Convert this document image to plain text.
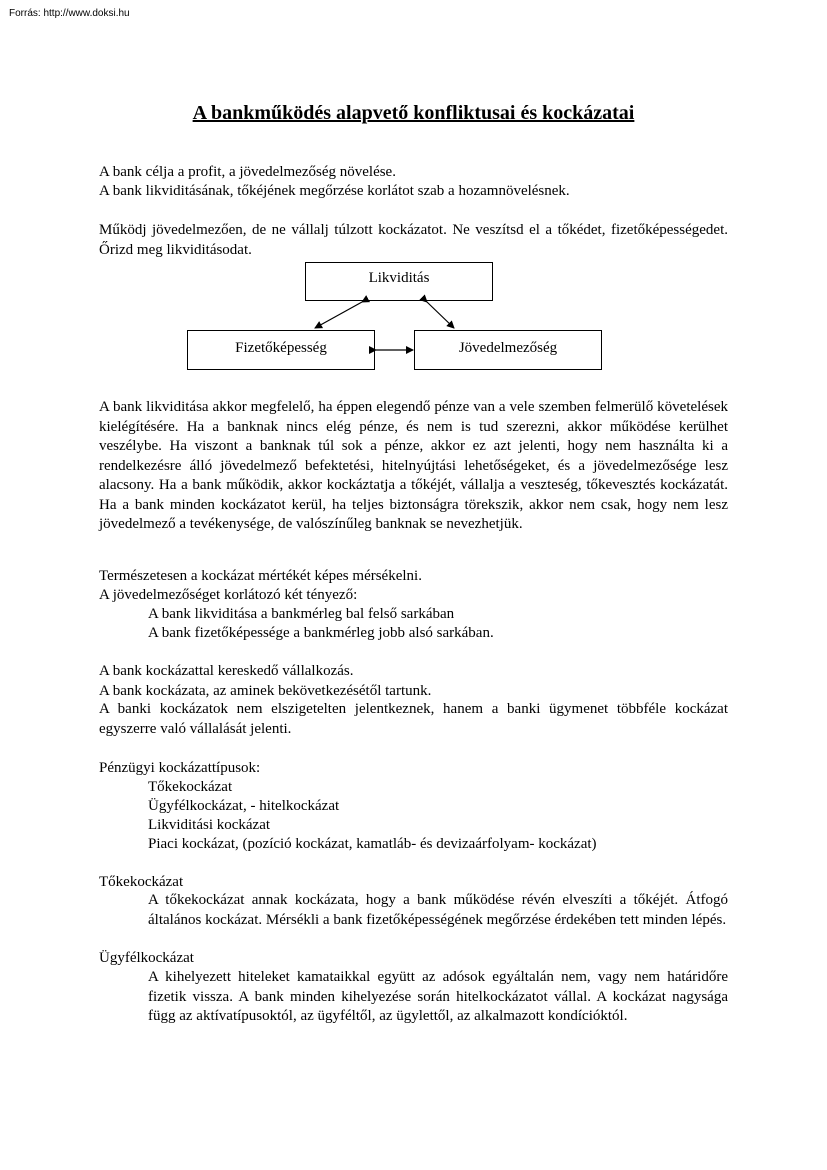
Forrás: http://www.doksi.hu
A bankműködés alapvető konfliktusai és kockázatai
A bank célja a profit, a jövedelmezőség növelése.
A bank likviditásának, tőkéjének megőrzése korlátot szab a hozamnövelésnek.
Működj jövedelmezően, de ne vállalj túlzott kockázatot. Ne veszítsd el a tőkédet, fizetőképességedet. Őrizd meg likviditásodat.
Likviditás
Fizetőképesség	Jövedelmezőség
A bank likviditása akkor megfelelő, ha éppen elegendő pénze van a vele szemben felmerülő követelések kielégítésére. Ha a banknak nincs elég pénze, és nem is tud szerezni, akkor működése kerülhet veszélybe. Ha viszont a banknak túl sok a pénze, akkor ez azt jelenti, hogy nem használta ki a rendelkezésre álló jövedelmező befektetési, hitelnyújtási lehetőségeket, és a jövedelmezősége lesz alacsony. Ha a bank működik, akkor kockáztatja a tőkéjét, vállalja a veszteség, tőkevesztés kockázatát. Ha a bank minden kockázatot kerül, ha teljes biztonságra törekszik, akkor nem csak, hogy nem lesz jövedelmező a tevékenysége, de valószínűleg banknak se nevezhetjük.
Természetesen a kockázat mértékét képes mérsékelni.
A jövedelmezőséget korlátozó két tényező:
A bank likviditása a bankmérleg bal felső sarkában
A bank fizetőképessége a bankmérleg jobb alsó sarkában.
A bank kockázattal kereskedő vállalkozás.
A bank kockázata, az aminek bekövetkezésétől tartunk.
A banki kockázatok nem elszigetelten jelentkeznek, hanem a banki ügymenet többféle kockázat egyszerre való vállalását jelenti.
Pénzügyi kockázattípusok:
Tőkekockázat
Ügyfélkockázat, - hitelkockázat
Likviditási kockázat
Piaci kockázat, (pozíció kockázat, kamatláb- és devizaárfolyam- kockázat)
Tőkekockázat
A tőkekockázat annak kockázata, hogy a bank működése révén elveszíti a tőkéjét. Átfogó általános kockázat. Mérsékli a bank fizetőképességének megőrzése érdekében tett minden lépés.
Ügyfélkockázat
A kihelyezett hiteleket kamataikkal együtt az adósok egyáltalán nem, vagy nem határidőre fizetik vissza. A bank minden kihelyezése során hitelkockázatot vállal. A kockázat nagysága függ az aktívatípusoktól, az ügyféltől, az ügylettől, az alkalmazott kondícióktól.
